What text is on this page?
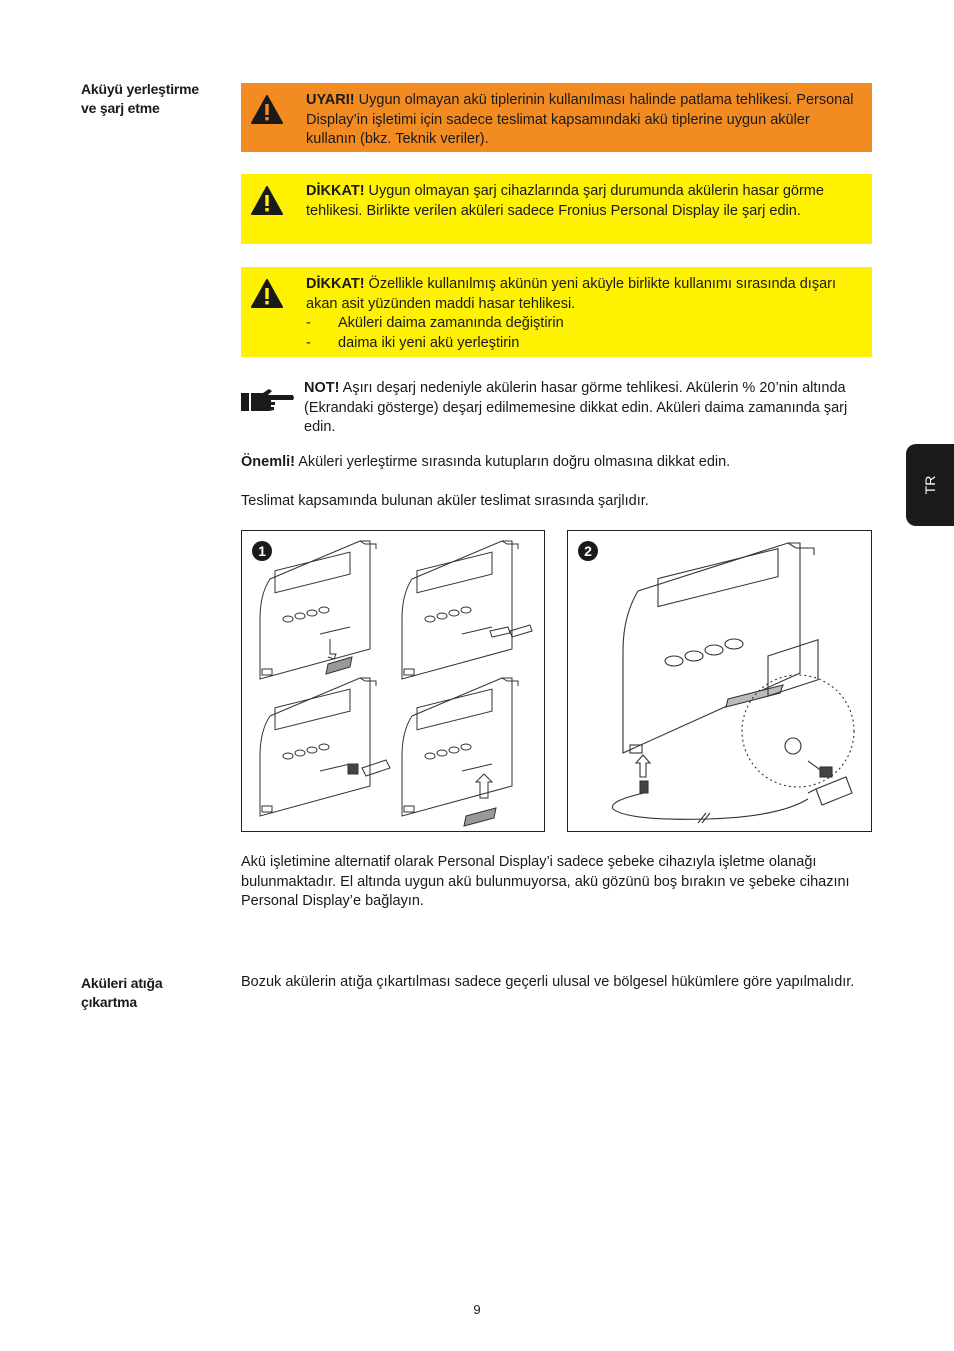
Aküyü yerleştirme
ve şarj etme	UYARI! Uygun olmayan akü tiplerinin kullanılması halinde patlama tehlikesi. Personal Display’in işletimi için sadece teslimat kapsamındaki akü tiplerine uygun aküler kullanın (bkz. Teknik veriler).
DİKKAT! Uygun olmayan şarj cihazlarında şarj durumunda akülerin hasar görme tehlikesi. Birlikte verilen aküleri sadece Fronius Personal Display ile şarj edin.
DİKKAT! Özellikle kullanılmış akünün yeni aküyle birlikte kullanımı sırasında dışarı akan asit yüzünden maddi hasar tehlikesi.
-	Aküleri daima zamanında değiştirin
-	daima iki yeni akü yerleştirin
NOT! Aşırı deşarj nedeniyle akülerin hasar görme tehlikesi. Akülerin % 20’nin altında (Ekrandaki gösterge) deşarj edilmemesine dikkat edin. Aküleri daima zamanında şarj edin.
Önemli! Aküleri yerleştirme sırasında kutupların doğru olmasına dikkat edin.
Teslimat kapsamında bulunan aküler teslimat sırasında şarjlıdır.
1	2
Akü işletimine alternatif olarak Personal Display’i sadece şebeke cihazıyla işletme olanağı bulunmaktadır. El altında uygun akü bulunmuyorsa, akü gözünü boş bırakın ve şebeke cihazını Personal Display’e bağlayın.
Aküleri atığa
çıkartma
Bozuk akülerin atığa çıkartılması sadece geçerli ulusal ve bölgesel hükümlere göre yapılmalıdır.
TR
9
